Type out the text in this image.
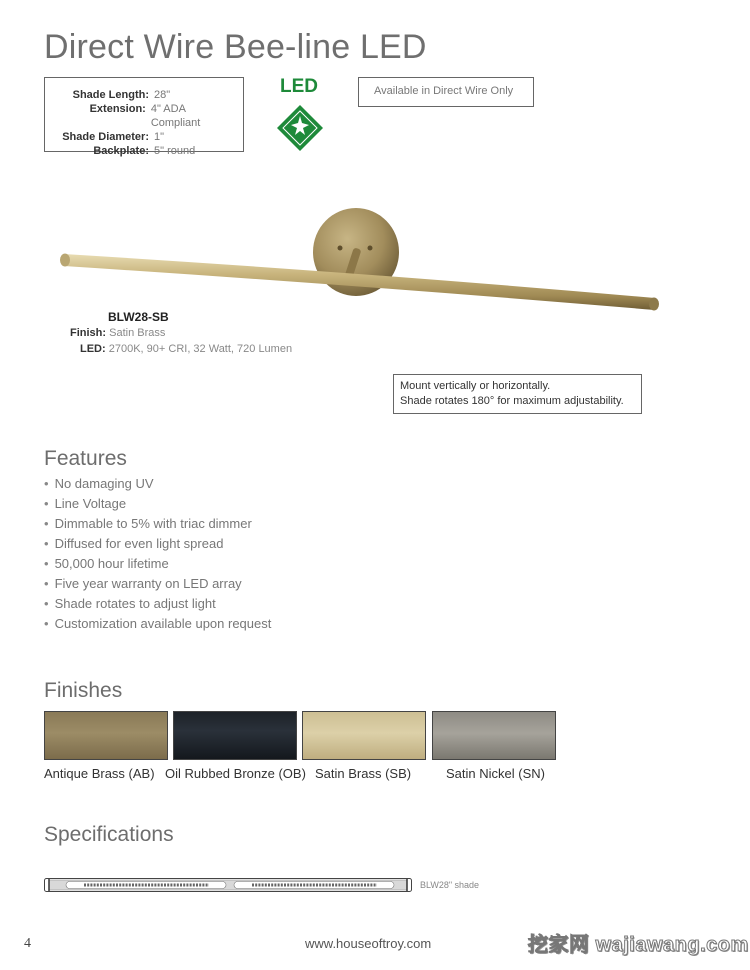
Direct Wire Bee-line LED
Shade Length: 28"
Extension: 4" ADA Compliant
Shade Diameter: 1"
Backplate: 5" round
LED	Available in Direct Wire Only
BLW28-SB
Finish: Satin Brass
LED: 2700K, 90+ CRI, 32 Watt, 720 Lumen
Mount vertically or horizontally.
Shade rotates 180° for maximum adjustability.
Features
• No damaging UV
• Line Voltage
• Dimmable to 5% with triac dimmer
• Diffused for even light spread
• 50,000 hour lifetime
• Five year warranty on LED array
• Shade rotates to adjust light
• Customization available upon request
Finishes
Antique Brass (AB) Oil Rubbed Bronze (OB) Satin Brass (SB)	Satin Nickel (SN)
Specifications
BLW28" shade
4	www.houseoftroy.com	挖家网 wajiawang.com
